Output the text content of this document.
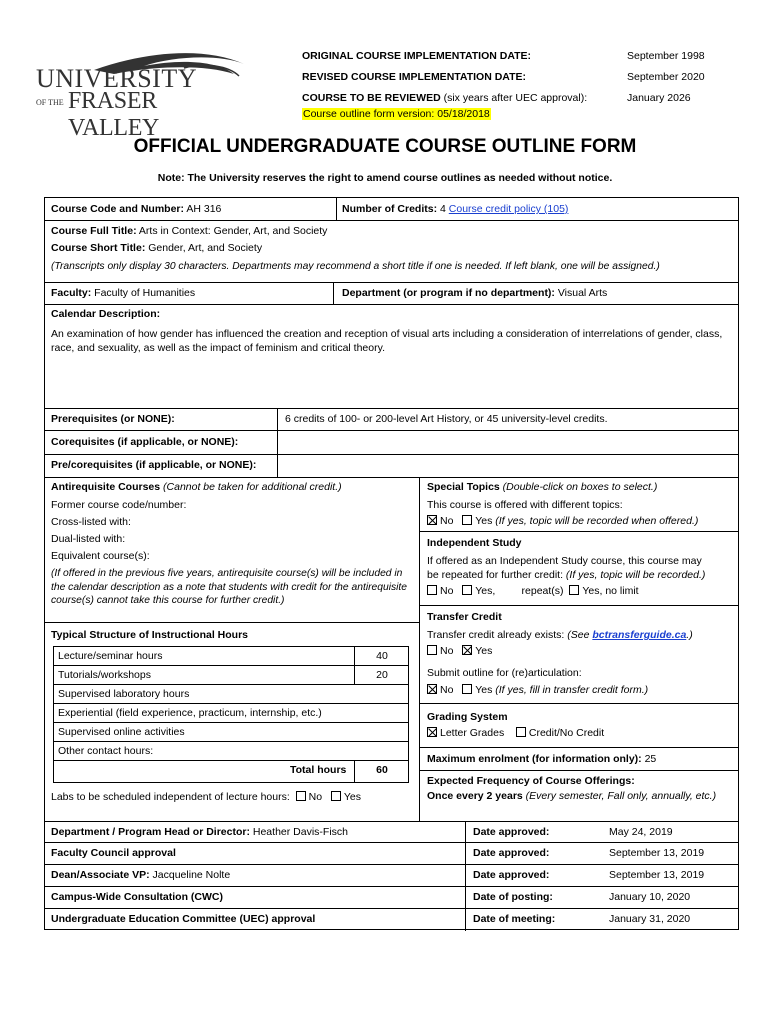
UNIVERSITY
OF THE FRASER VALLEY
ORIGINAL COURSE IMPLEMENTATION DATE:	September 1998
REVISED COURSE IMPLEMENTATION DATE:	September 2020
COURSE TO BE REVIEWED (six years after UEC approval):	January 2026
Course outline form version: 05/18/2018
OFFICIAL UNDERGRADUATE COURSE OUTLINE FORM
Note: The University reserves the right to amend course outlines as needed without notice.
Course Code and Number: AH 316	Number of Credits: 4 Course credit policy (105)
Course Full Title: Arts in Context: Gender, Art, and Society
Course Short Title: Gender, Art, and Society
(Transcripts only display 30 characters. Departments may recommend a short title if one is needed. If left blank, one will be assigned.)
Faculty: Faculty of Humanities	Department (or program if no department): Visual Arts
Calendar Description:
An examination of how gender has influenced the creation and reception of visual arts including a consideration of interrelations of gender, class, race, and sexuality, as well as the impact of feminism and critical theory.
Prerequisites (or NONE):	6 credits of 100- or 200-level Art History, or 45 university-level credits.
Corequisites (if applicable, or NONE):
Pre/corequisites (if applicable, or NONE):
Antirequisite Courses (Cannot be taken for additional credit.)
Former course code/number:
Cross-listed with:
Dual-listed with:
Equivalent course(s):
(If offered in the previous five years, antirequisite course(s) will be included in the calendar description as a note that students with credit for the antirequisite course(s) cannot take this course for further credit.)
Typical Structure of Instructional Hours
Lecture/seminar hours	40
Tutorials/workshops	20
Supervised laboratory hours
Experiential (field experience, practicum, internship, etc.)
Supervised online activities
Other contact hours:
Total hours	60
Labs to be scheduled independent of lecture hours: No Yes
Special Topics (Double-click on boxes to select.)
This course is offered with different topics:
No Yes (If yes, topic will be recorded when offered.)
Independent Study
If offered as an Independent Study course, this course may
be repeated for further credit: (If yes, topic will be recorded.)
No Yes,	repeat(s) Yes, no limit
Transfer Credit
Transfer credit already exists: (See bctransferguide.ca.)
No Yes
Submit outline for (re)articulation:
No Yes (If yes, fill in transfer credit form.)
Grading System
Letter Grades Credit/No Credit
Maximum enrolment (for information only): 25
Expected Frequency of Course Offerings:
Once every 2 years (Every semester, Fall only, annually, etc.)
Department / Program Head or Director: Heather Davis-Fisch	Date approved:	May 24, 2019
Faculty Council approval	Date approved:	September 13, 2019
Dean/Associate VP: Jacqueline Nolte	Date approved:	September 13, 2019
Campus-Wide Consultation (CWC)	Date of posting:	January 10, 2020
Undergraduate Education Committee (UEC) approval	Date of meeting:	January 31, 2020
